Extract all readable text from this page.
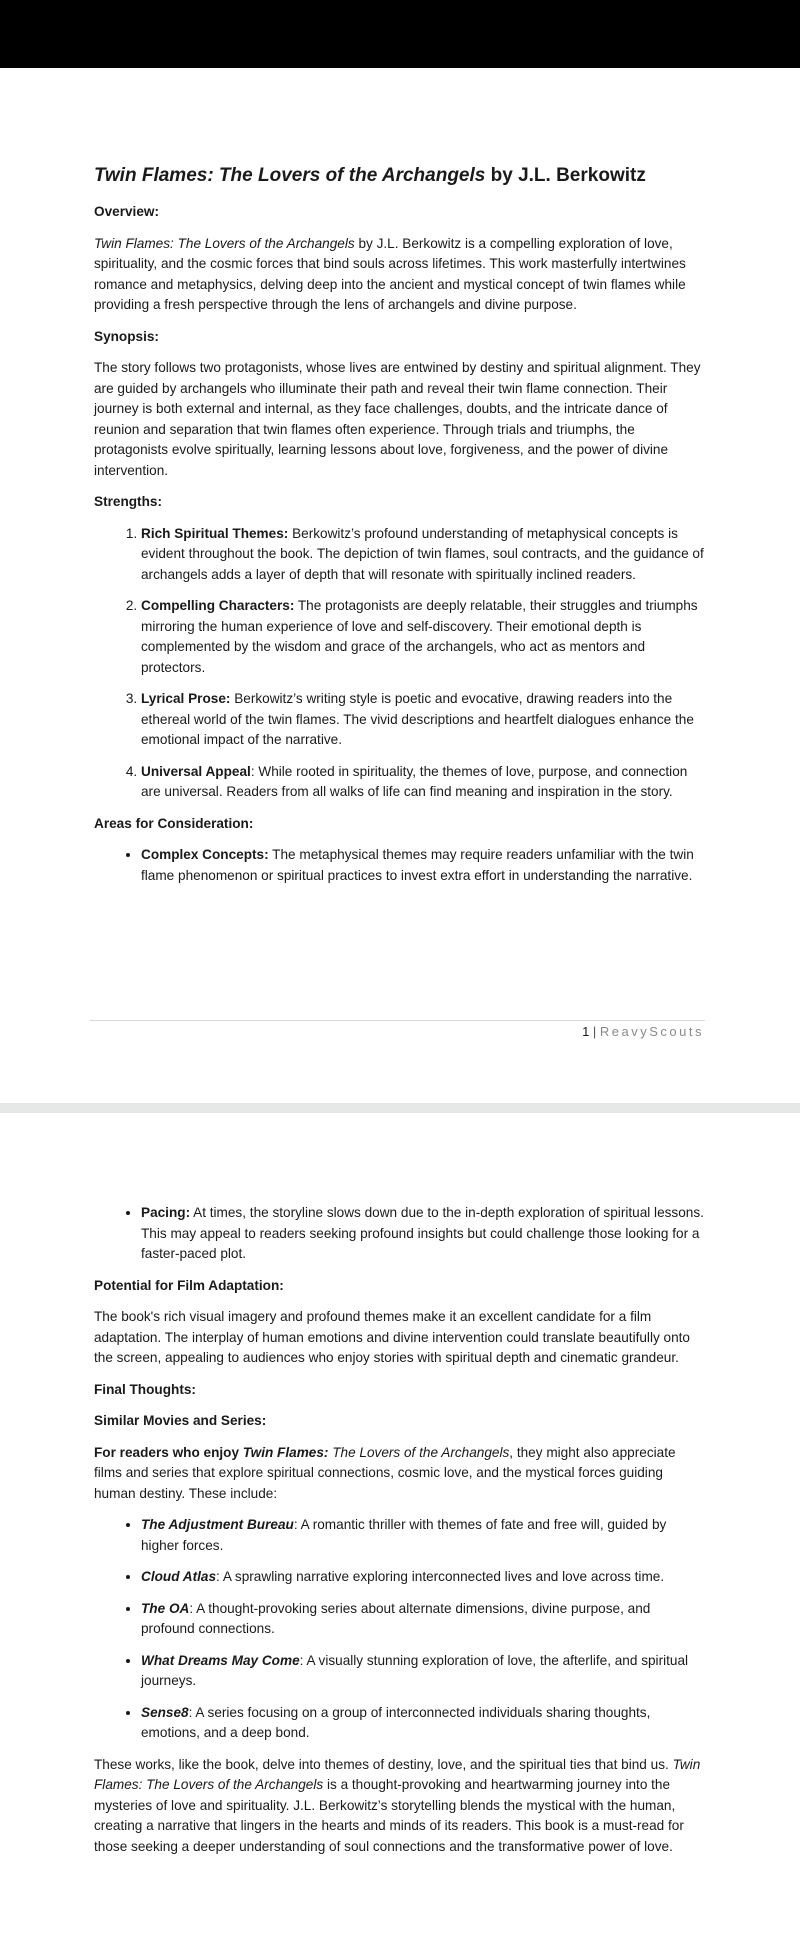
Twin Flames: The Lovers of the Archangels by J.L. Berkowitz
Overview:

Twin Flames: The Lovers of the Archangels by J.L. Berkowitz is a compelling exploration of love, spirituality, and the cosmic forces that bind souls across lifetimes. This work masterfully intertwines romance and metaphysics, delving deep into the ancient and mystical concept of twin flames while providing a fresh perspective through the lens of archangels and divine purpose.

Synopsis:

The story follows two protagonists, whose lives are entwined by destiny and spiritual alignment. They are guided by archangels who illuminate their path and reveal their twin flame connection. Their journey is both external and internal, as they face challenges, doubts, and the intricate dance of reunion and separation that twin flames often experience. Through trials and triumphs, the protagonists evolve spiritually, learning lessons about love, forgiveness, and the power of divine intervention.

Strengths:
1. Rich Spiritual Themes: Berkowitz’s profound understanding of metaphysical concepts is evident throughout the book. The depiction of twin flames, soul contracts, and the guidance of archangels adds a layer of depth that will resonate with spiritually inclined readers.
2. Compelling Characters: The protagonists are deeply relatable, their struggles and triumphs mirroring the human experience of love and self-discovery. Their emotional depth is complemented by the wisdom and grace of the archangels, who act as mentors and protectors.
3. Lyrical Prose: Berkowitz’s writing style is poetic and evocative, drawing readers into the ethereal world of the twin flames. The vivid descriptions and heartfelt dialogues enhance the emotional impact of the narrative.
4. Universal Appeal: While rooted in spirituality, the themes of love, purpose, and connection are universal. Readers from all walks of life can find meaning and inspiration in the story.
Areas for Consideration:
• Complex Concepts: The metaphysical themes may require readers unfamiliar with the twin flame phenomenon or spiritual practices to invest extra effort in understanding the narrative.
1 | ReavyScouts
• Pacing: At times, the storyline slows down due to the in-depth exploration of spiritual lessons. This may appeal to readers seeking profound insights but could challenge those looking for a faster-paced plot.
Potential for Film Adaptation:

The book's rich visual imagery and profound themes make it an excellent candidate for a film adaptation. The interplay of human emotions and divine intervention could translate beautifully onto the screen, appealing to audiences who enjoy stories with spiritual depth and cinematic grandeur.

Final Thoughts:
Similar Movies and Series:

For readers who enjoy Twin Flames: The Lovers of the Archangels, they might also appreciate films and series that explore spiritual connections, cosmic love, and the mystical forces guiding human destiny. These include:

• The Adjustment Bureau: A romantic thriller with themes of fate and free will, guided by higher forces.
• Cloud Atlas: A sprawling narrative exploring interconnected lives and love across time.
• The OA: A thought-provoking series about alternate dimensions, divine purpose, and profound connections.
• What Dreams May Come: A visually stunning exploration of love, the afterlife, and spiritual journeys.
• Sense8: A series focusing on a group of interconnected individuals sharing thoughts, emotions, and a deep bond.

These works, like the book, delve into themes of destiny, love, and the spiritual ties that bind us. Twin Flames: The Lovers of the Archangels is a thought-provoking and heartwarming journey into the mysteries of love and spirituality. J.L. Berkowitz’s storytelling blends the mystical with the human, creating a narrative that lingers in the hearts and minds of its readers. This book is a must-read for those seeking a deeper understanding of soul connections and the transformative power of love.
